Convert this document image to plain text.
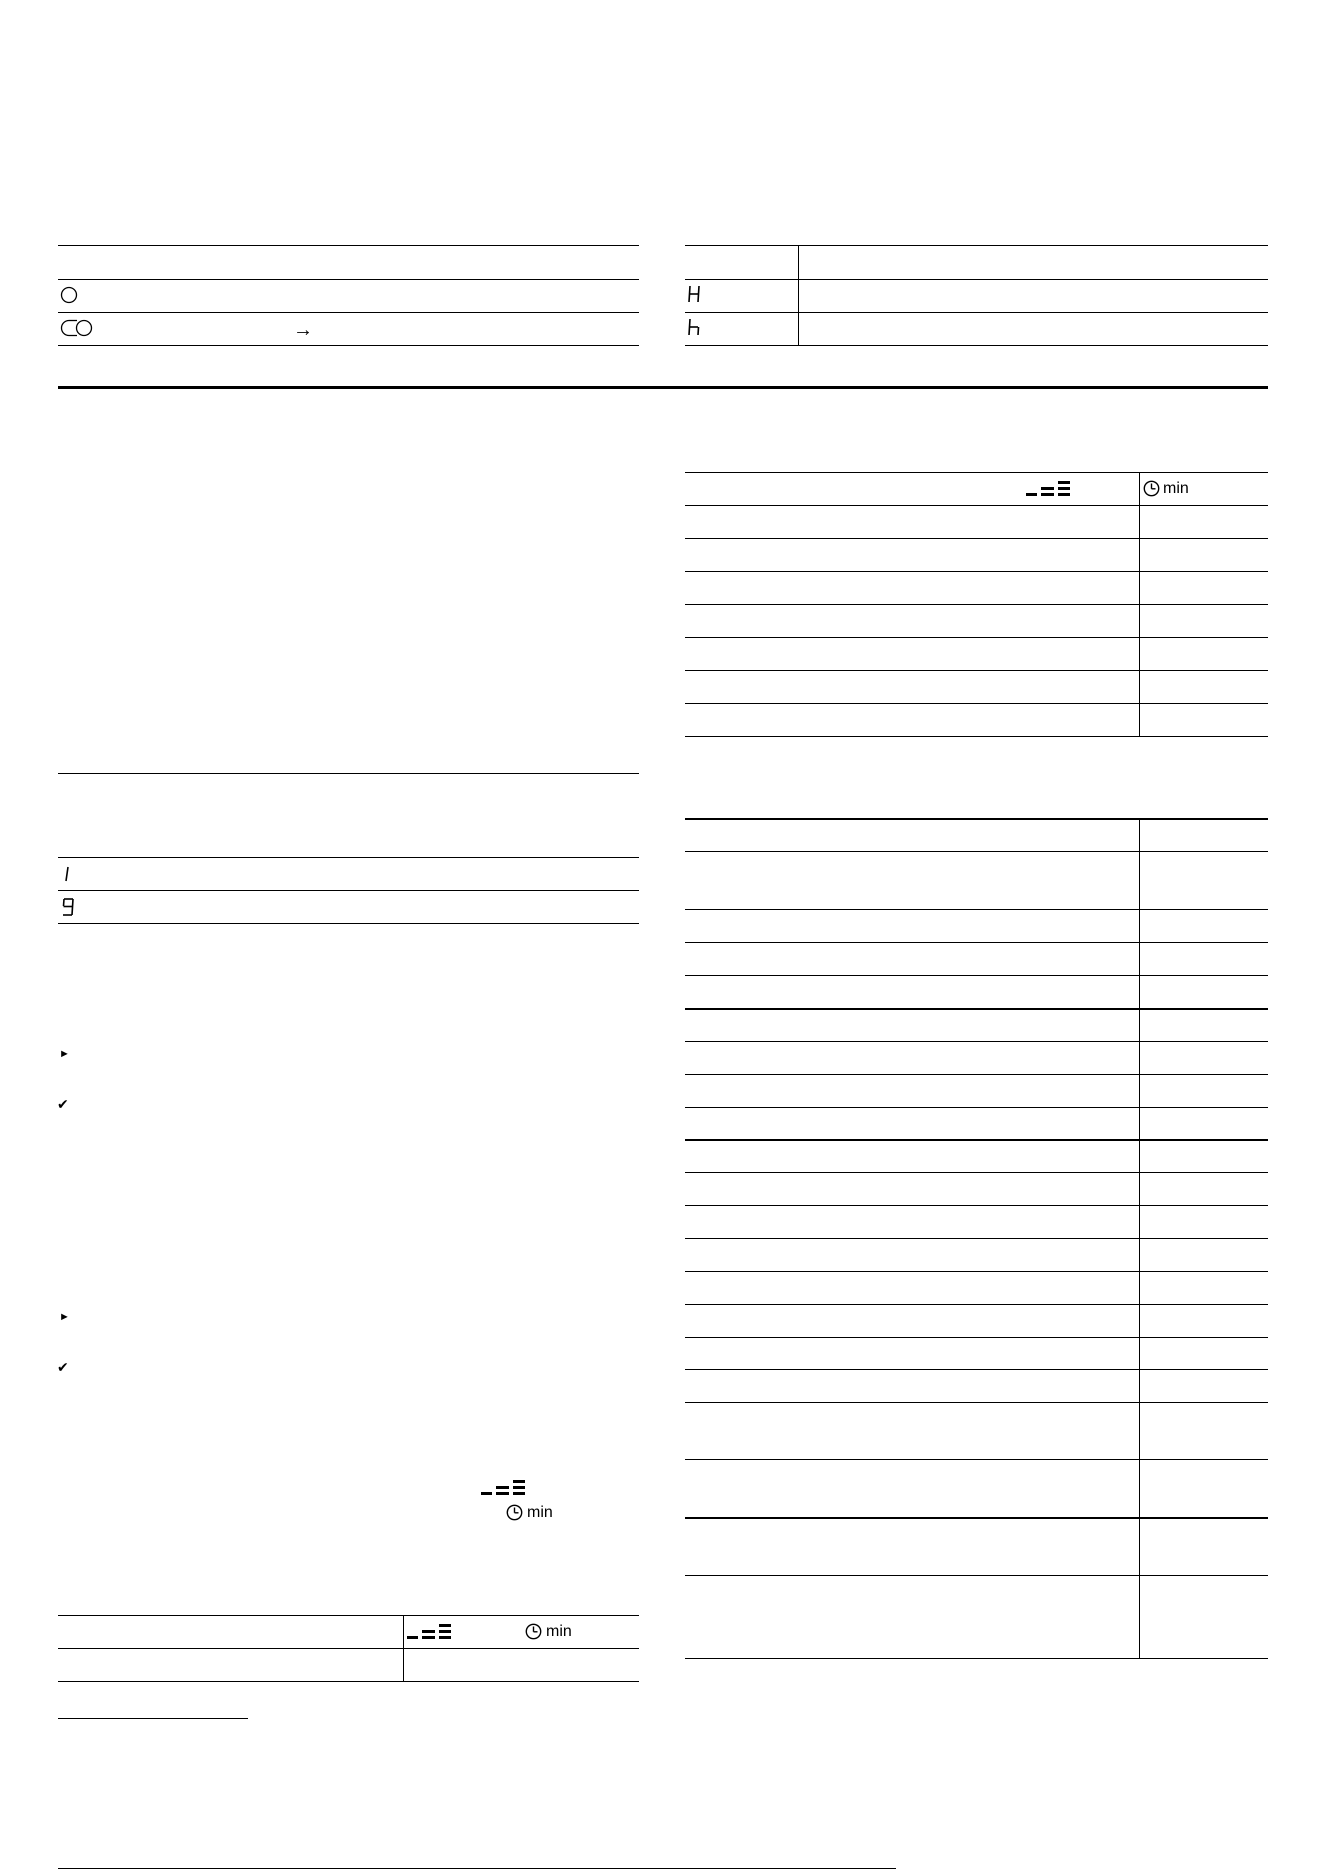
→
►
✔
►
✔
min
min
min
